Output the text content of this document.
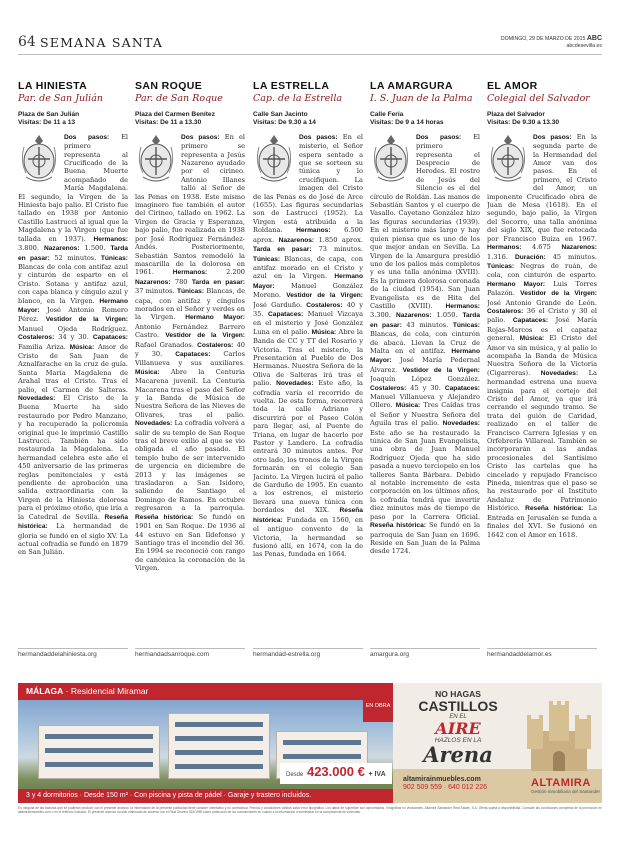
64 SEMANA SANTA	DOMINGO, 29 DE MARZO DE 2015 ABC
abcdesevilla.es
LA HINIESTA
Par. de San Julián
Plaza de San Julián
Visitas: De 11 a 13
Dos pasos: El primero representa al Crucificado de la Buena Muerte acompañado de María Magdalena. El segundo, la Virgen de la Hiniesta bajo palio. El Cristo fue tallado en 1938 por Antonio Castillo Lastrucci al igual que la Magdalena y la Virgen (que fue tallada en 1937). Hermanos: 3.800. Nazarenos: 1.500. Tarda en pasar: 52 minutos. Túnicas: Blancas de cola con antifaz azul y cinturón de esparto en el Cristo. Sotana y antifaz azul, con capa blanca y cíngulo azul y blanco, en la Virgen. Hermano Mayor: José Antonio Romero Pérez. Vestidor de la Virgen: Manuel Ojeda Rodríguez. Costaleros: 34 y 30. Capataces: Familia Ariza. Música: Amor de Cristo de San Juan de Aznalfarache en la cruz de guía. Santa María Magdalena de Arahal tras el Cristo. Tras el palio, el Carmen de Salteras. Novedades: El Cristo de la Buena Muerte ha sido restaurado por Pedro Manzano, y ha recuperado la policromía original que le imprimió Castillo Lastrucci. También ha sido restaurada la Magdalena. La hermandad celebra este año el 450 aniversario de las primeras reglas penitenciales y está pendiente de aprobación una salida extraordinaria con la Virgen de la Hiniesta dolorosa para el próximo otoño, que iría a la Catedral de Sevilla. Reseña histórica: La hermandad de gloria se fundó en el siglo XV. La actual cofradía se fundó en 1879 en San Julián.
hermandaddelahiniesta.org
SAN ROQUE
Par. de San Roque
Plaza del Carmen Benítez
Visitas: De 11 a 13.30
Dos pasos: En el primero se representa a Jesús Nazareno ayudado por el cirineo. Antonio Illanes talló al Señor de las Penas en 1938. Este mismo imaginero fue también el autor del Cirineo, tallado en 1962. La Virgen de Gracia y Esperanza, bajo palio, fue realizada en 1938 por José Rodríguez Fernández-Andés. Posteriormente, Sebastián Santos remodeló la mascarilla de la dolorosa en 1961.	Hermanos: 2.200 Nazarenos: 780 Tarda en pasar: 37 minutos. Túnicas: Blancas, de capa, con antifaz y cíngulos morados en el Señor y verdes en la Virgen. Hermano Mayor: Antonio Fernández Barrero Castro. Vestidor de la Virgen: Rafael Granados. Costaleros: 40 y 30. Capataces: Carlos Villanueva y sus auxiliares. Música: Abre la Centuria Macarena juvenil. La Centuria Macarena tras el paso del Señor y la Banda de Música de Nuestra Señora de las Nieves de Olivares, tras el palio. Novedades: La cofradía volverá a salir de su templo de San Roque tras el breve exilio al que se vio obligada el año pasado. El templo hubo de ser intervenido de urgencia en diciembre de 2013 y las imágenes se trasladaron a San Isidoro, saliendo de Santiago el Domingo de Ramos. En octubre regresaron a la parroquia. Reseña histórica: Se fundó en 1901 en San Roque. De 1936 al 44 estuvo en San Ildefonso y Santiago tras el incendio del 36. En 1994 se reconoció con rango de canónica la coronación de la Virgen.
hermandadsanroque.com
LA ESTRELLA
Cap. de la Estrella
Calle San Jacinto
Visitas: De 9.30 a 14
Dos pasos: En el misterio, el Señor espera sentado a que se sorteen su túnica y lo crucifiquen. La imagen del Cristo de las Penas es de José de Arce (1655). Las figuras secundarias son de Lastrucci (1952). La Virgen está atribuida a la Roldana. Hermanos: 6.500 aprox. Nazarenos: 1.850 aprox. Tarda en pasar: 73 minutos. Túnicas: Blancas, de capa, con antifaz morado en el Cristo y azul en la Virgen. Hermano Mayor: Manuel González Moreno. Vestidor de la Virgen: José Garduño. Costaleros: 40 y 35. Capataces: Manuel Vizcaya en el misterio y José González Luna en el palio. Música: Abre la Banda de CC y TT del Rosario y Victoria. Tras el misterio, la Presentación al Pueblo de Dos Hermanas. Nuestra Señora de la Oliva de Salteras irá tras el palio. Novedades: Este año, la cofradía varía el recorrido de vuelta. De esta forma, recorrerá toda la calle Adriano y discurrirá por el Paseo Colón para llegar, así, al Puente de Triana, en lugar de hacerlo por Pastor y Landero. La cofradía entrará 30 minutos antes. Por otro lado, los tronos de la Virgen formarán en el colegio San Jacinto. La Virgen lucirá el palio de Garduño de 1995. En cuanto a los estrenos, el misterio llevará una nueva túnica con bordados del XIX. Reseña histórica: Fundada en 1560, en el antiguo convento de la Victoria, la hermandad se fusionó allí, en 1674, con la de las Penas, fundada en 1664.
hermandad-estrella.org
LA AMARGURA
I. S. Juan de la Palma
Calle Feria
Visitas: De 9 a 14 horas
Dos pasos: El primero representa el Desprecio de Herodes. El rostro de Jesús del Silencio es el del círculo de Roldán. Las manos de Sebastián Santos y el cuerpo de Vasallo. Cayetano González hizo las figuras secundarias (1939). En el misterio más largo y hay quien piensa que es uno de los que mejor andan en Sevilla. La Virgen de la Amargura presidió uno de los palios más completos y es una talla anónima (XVIII). Es la primera dolorosa coronada de la ciudad (1954). San Juan Evangelista es de Hita del Castillo (XVIII). Hermanos: 3.300. Nazarenos: 1.050. Tarda en pasar: 43 minutos. Túnicas: Blancas, de cola, con cinturón de abacá. Llevan la Cruz de Malta en el antifaz. Hermano Mayor: José María Pedernal Álvarez. Vestidor de la Virgen: Joaquín López González. Costaleros: 45 y 30. Capataces: Manuel Villanueva y Alejandro Ollero. Música: Tres Caídas tras el Señor y Nuestra Señora del Águila tras el palio. Novedades: Este año se ha restaurado la túnica de San Juan Evangelista, una obra de Juan Manuel Rodríguez Ojeda que ha sido pasada a nuevo terciopelo en los talleres Santa Bárbara. Debido al notable incremento de esta corporación en los últimos años, la cofradía tendrá que invertir diez minutos más de tiempo de paso por la Carrera Oficial. Reseña histórica: Se fundó en la parroquia de San Juan en 1696. Reside en San Juan de la Palma desde 1724.
amargura.org
EL AMOR
Colegial del Salvador
Plaza del Salvador
Visitas: De 9.30 a 13.30
Dos pasos: En la segunda parte de la Hermandad del Amor van dos pasos. En el primero, el Cristo del Amor, un imponente Crucificado obra de Juan de Mesa (1618). En el segundo, bajo palio, la Virgen del Socorro, una talla anónima del siglo XIX, que fue retocada por Francisco Buiza en 1967. Hermanos: 4.675 Nazarenos: 1.316. Duración: 45 minutos. Túnicas: Negras de ruán, de cola, con cinturón de esparto. Hermano Mayor: Luis Torres Palazón. Vestidor de la Virgen: José Antonio Grande de León. Costaleros: 36 el Cristo y 30 el palio. Capataces: José María Rojas-Marcos es el capataz general. Música: El Cristo del Amor va sin música, y al palio lo acompaña la Banda de Música Nuestra Señora de la Victoria (Cigarreras). Novedades: La hermandad estrena una nueva insignia para el cortejo del Cristo del Amor, ya que irá cerrando el segundo tramo. Se trata del guión de Caridad, realizado en el taller de Francisco Carrera Iglesias y en Orfebrería Villareal. También se incorporarán a las andas procesionales del Santísimo Cristo las cartelas que ha cincelado y repujado Francisco Pineda, mientras que el paso se ha restaurado por el Instituto Andaluz de Patrimonio Histórico. Reseña histórica: La Entrada en Jerusalén se funda a finales del XVI. Se fusionó en 1642 con el Amor en 1618.
hermandaddelamor.es
MÁLAGA · Residencial Miramar
EN OBRA
Desde 423.000 € + IVA
3 y 4 dormitorios · Desde 150 m² · Con piscina y pista de pádel · Garaje y trastero incluidos.
NO HAGAS
CASTILLOS
EN EL
AIRE
HAZLOS EN LA
Arena
altamirainmuebles.com
902 509 559 · 640 012 226	ALTAMIRA
Gestión Inmobiliaria del Santander
En ninguna de las facturas que se pudieran producir con el presente anuncio, la información de la presente publicidad tiene carácter orientativo y no contractual. Precios y condiciones válidos salvo error tipográfico. Los datos de superficie son aproximados. Infografías no vinculantes. Altamira Santander Real Estate, S.A. Oferta sujeta a disponibilidad. Consulte las condiciones completas de la promoción en altamirainmuebles.com o en el teléfono indicado. El presente anuncio ha sido elaborado de acuerdo con el Real Decreto 515/1989 sobre protección de los consumidores en cuanto a la información a suministrar en la compraventa de viviendas.
